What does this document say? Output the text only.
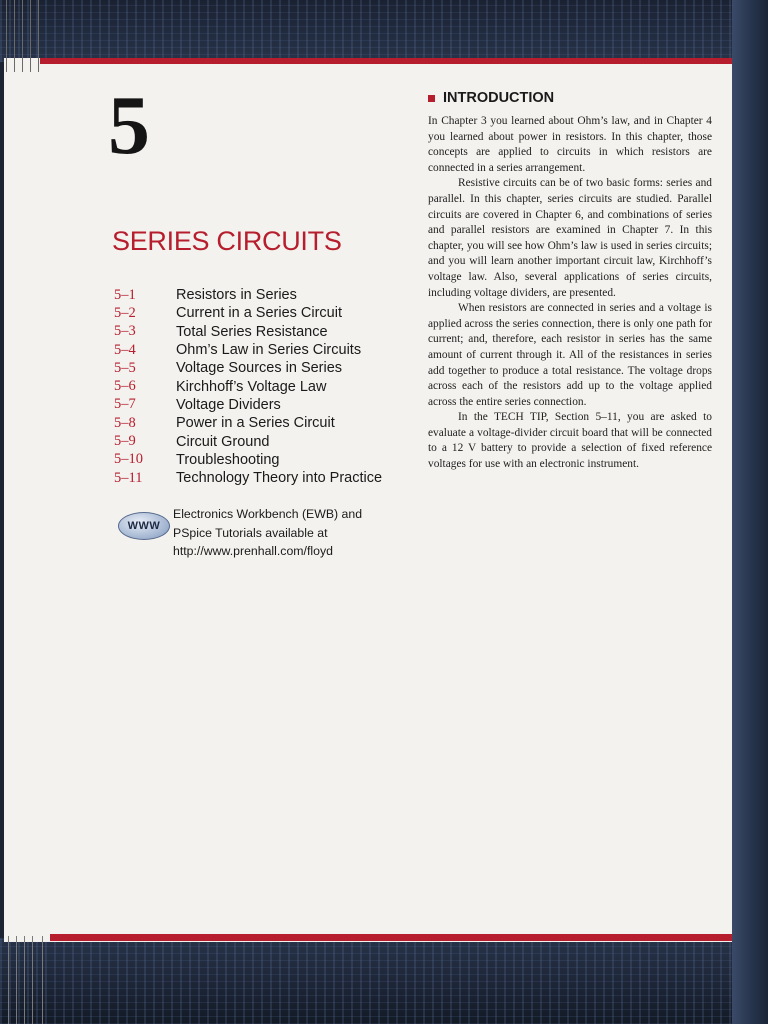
5
SERIES CIRCUITS
5–1	Resistors in Series
5–2	Current in a Series Circuit
5–3	Total Series Resistance
5–4	Ohm’s Law in Series Circuits
5–5	Voltage Sources in Series
5–6	Kirchhoff’s Voltage Law
5–7	Voltage Dividers
5–8	Power in a Series Circuit
5–9	Circuit Ground
5–10	Troubleshooting
5–11	Technology Theory into Practice
WWW
Electronics Workbench (EWB) and
PSpice Tutorials available at
http://www.prenhall.com/floyd
INTRODUCTION

In Chapter 3 you learned about Ohm’s law, and in Chapter 4 you learned about power in resistors. In this chapter, those concepts are applied to circuits in which resistors are connected in a series arrangement.

Resistive circuits can be of two basic forms: series and parallel. In this chapter, series circuits are studied. Parallel circuits are covered in Chapter 6, and combinations of series and parallel resistors are examined in Chapter 7. In this chapter, you will see how Ohm’s law is used in series circuits; and you will learn another important circuit law, Kirchhoff’s voltage law. Also, several applications of series circuits, including voltage dividers, are presented.

When resistors are connected in series and a voltage is applied across the series connection, there is only one path for current; and, therefore, each resistor in series has the same amount of current through it. All of the resistances in series add together to produce a total resistance. The voltage drops across each of the resistors add up to the voltage applied across the entire series connection.

In the TECH TIP, Section 5–11, you are asked to evaluate a voltage-divider circuit board that will be connected to a 12 V battery to provide a selection of fixed reference voltages for use with an electronic instrument.
